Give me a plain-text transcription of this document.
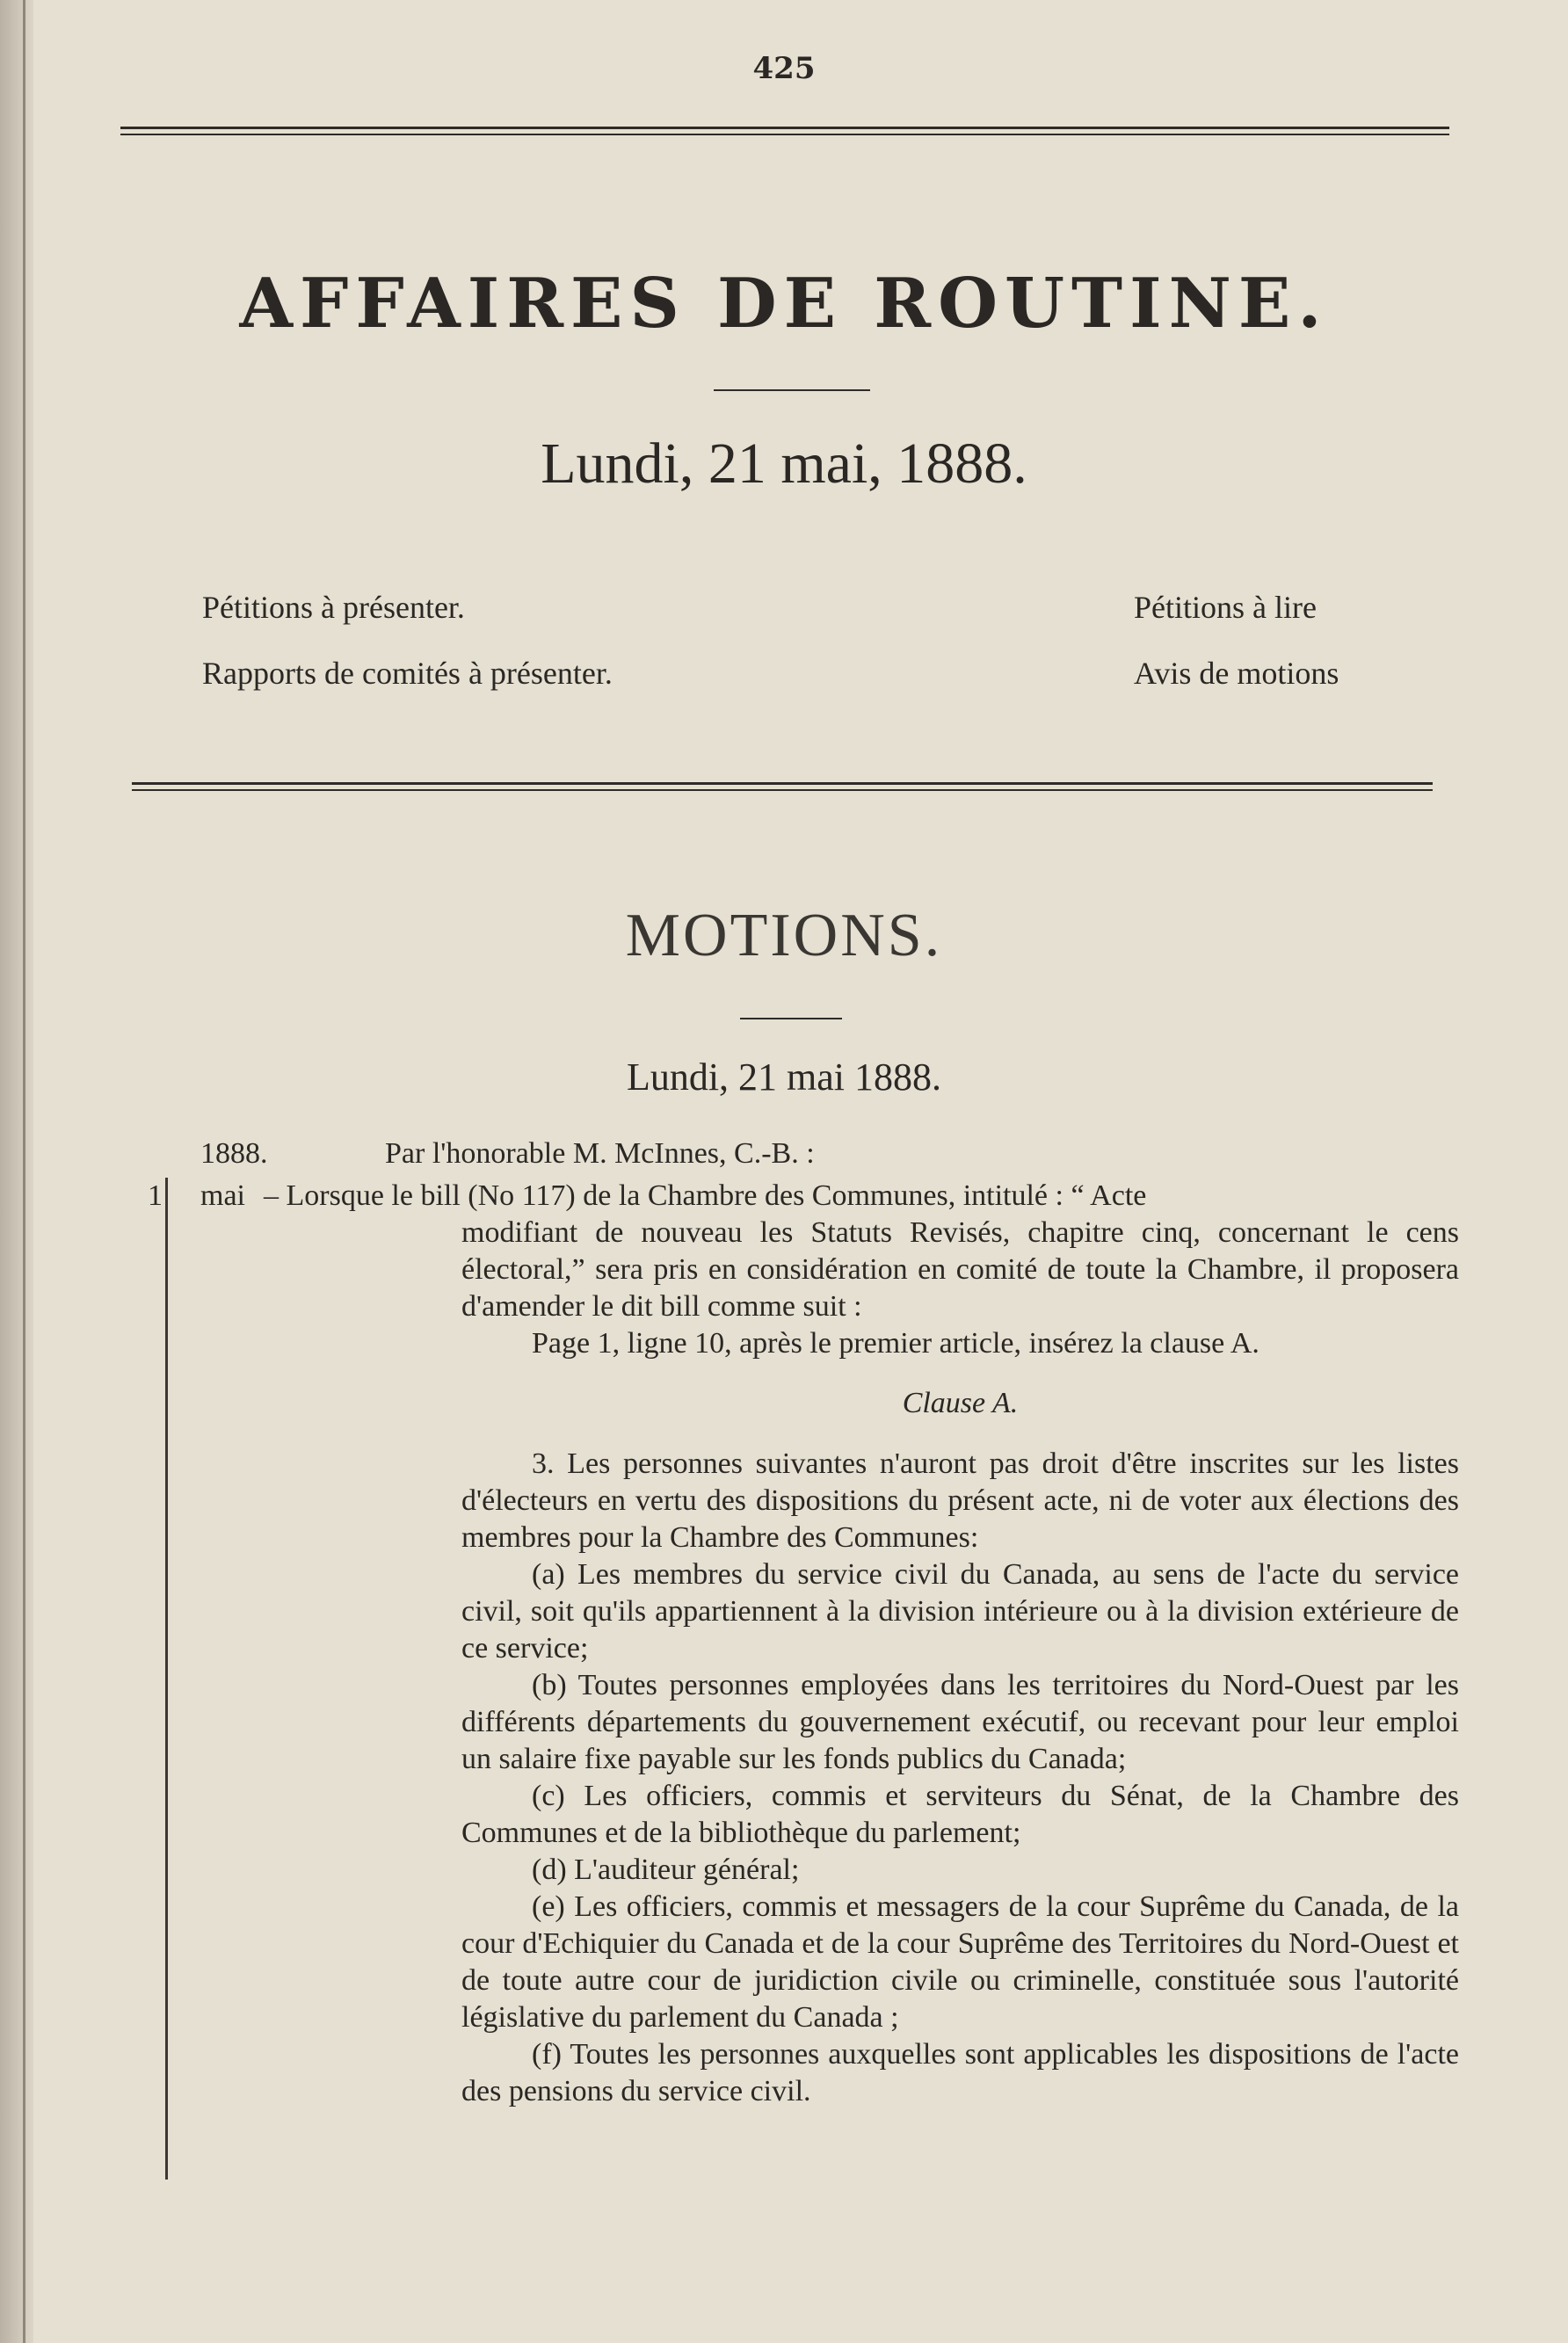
425
AFFAIRES DE ROUTINE.
Lundi, 21 mai, 1888.
Pétitions à présenter.
Rapports de comités à présenter.
Pétitions à lire
Avis de motions
MOTIONS.
Lundi, 21 mai 1888.
1888.	Par l'honorable M. McInnes, C.-B. :
1 mai – Lorsque le bill (No 117) de la Chambre des Communes, intitulé : “ Acte
modifiant de nouveau les Statuts Revisés, chapitre cinq, concernant le cens électoral,” sera pris en considération en comité de toute la Chambre, il proposera d'amender le dit bill comme suit :
Page 1, ligne 10, après le premier article, insérez la clause A.
Clause A.
3. Les personnes suivantes n'auront pas droit d'être inscrites sur les listes d'électeurs en vertu des dispositions du présent acte, ni de voter aux élections des membres pour la Chambre des Communes:
(a) Les membres du service civil du Canada, au sens de l'acte du service civil, soit qu'ils appartiennent à la division intérieure ou à la division extérieure de ce service;
(b) Toutes personnes employées dans les territoires du Nord-Ouest par les différents départements du gouvernement exécutif, ou recevant pour leur emploi un salaire fixe payable sur les fonds publics du Canada;
(c) Les officiers, commis et serviteurs du Sénat, de la Chambre des Communes et de la bibliothèque du parlement;
(d) L'auditeur général;
(e) Les officiers, commis et messagers de la cour Suprême du Canada, de la cour d'Echiquier du Canada et de la cour Suprême des Territoires du Nord-Ouest et de toute autre cour de juridiction civile ou criminelle, constituée sous l'autorité législative du parlement du Canada ;
(f) Toutes les personnes auxquelles sont applicables les dispositions de l'acte des pensions du service civil.
